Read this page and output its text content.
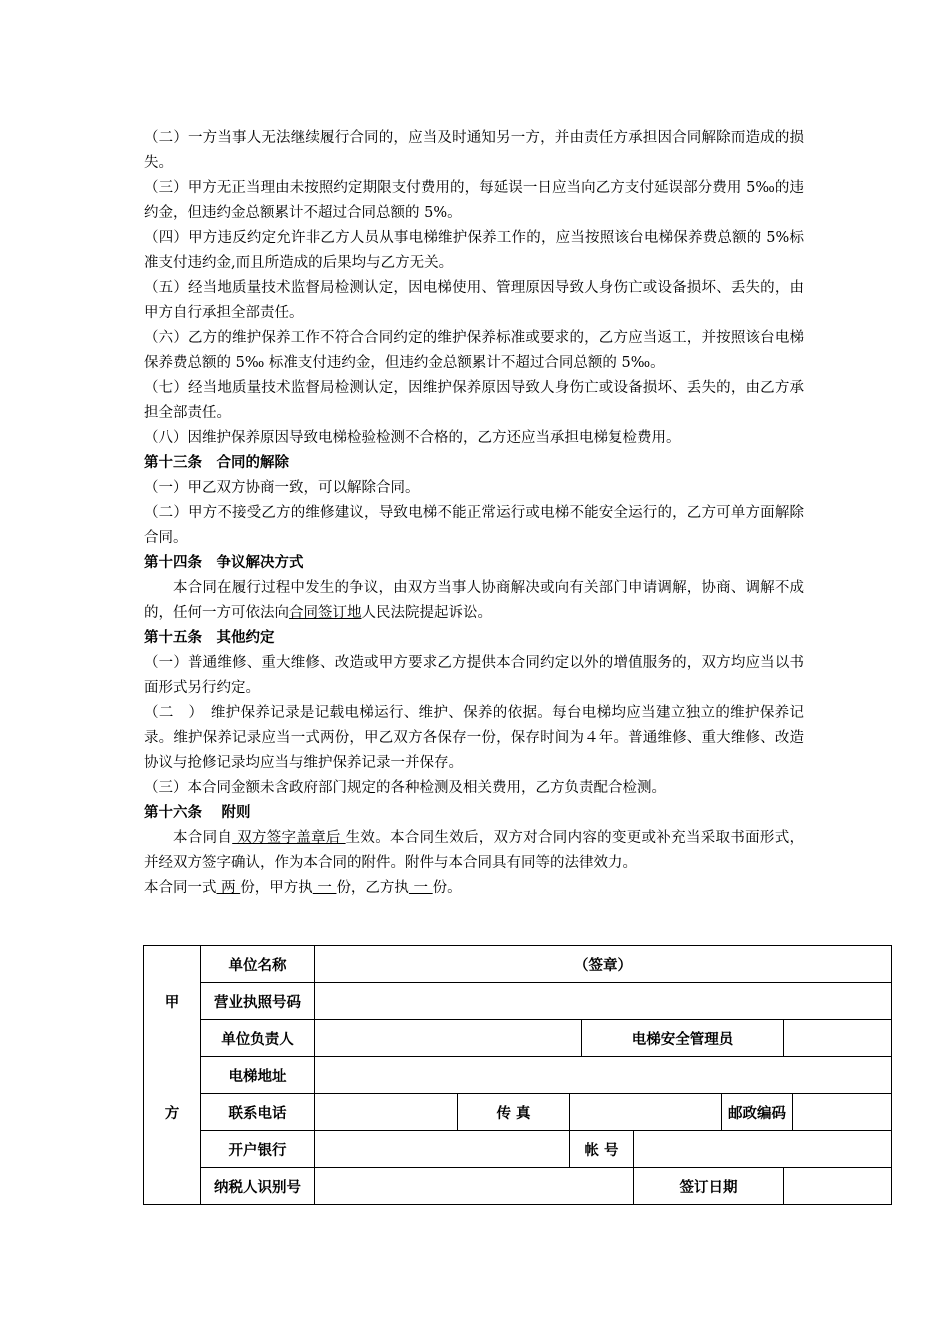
（二）一方当事人无法继续履行合同的，应当及时通知另一方，并由责任方承担因合同解除而造成的损失。

（三）甲方无正当理由未按照约定期限支付费用的，每延误一日应当向乙方支付延误部分费用 5‰的违约金，但违约金总额累计不超过合同总额的 5%。

（四）甲方违反约定允许非乙方人员从事电梯维护保养工作的，应当按照该台电梯保养费总额的 5%标准支付违约金,而且所造成的后果均与乙方无关。

（五）经当地质量技术监督局检测认定，因电梯使用、管理原因导致人身伤亡或设备损坏、丢失的，由甲方自行承担全部责任。

（六）乙方的维护保养工作不符合合同约定的维护保养标准或要求的，乙方应当返工，并按照该台电梯保养费总额的 5‰ 标准支付违约金，但违约金总额累计不超过合同总额的 5‰。

（七）经当地质量技术监督局检测认定，因维护保养原因导致人身伤亡或设备损坏、丢失的，由乙方承担全部责任。

（八）因维护保养原因导致电梯检验检测不合格的，乙方还应当承担电梯复检费用。

第十三条　合同的解除

（一）甲乙双方协商一致，可以解除合同。

（二）甲方不接受乙方的维修建议，导致电梯不能正常运行或电梯不能安全运行的，乙方可单方面解除合同。

第十四条　争议解决方式

本合同在履行过程中发生的争议，由双方当事人协商解决或向有关部门申请调解，协商、调解不成的，任何一方可依法向合同签订地人民法院提起诉讼。

第十五条　其他约定

（一）普通维修、重大维修、改造或甲方要求乙方提供本合同约定以外的增值服务的，双方均应当以书面形式另行约定。

（二　）　维护保养记录是记载电梯运行、维护、保养的依据。每台电梯均应当建立独立的维护保养记录。维护保养记录应当一式两份，甲乙双方各保存一份，保存时间为４年。普通维修、重大维修、改造协议与抢修记录均应当与维护保养记录一并保存。

（三）本合同金额未含政府部门规定的各种检测及相关费用，乙方负责配合检测。

第十六条　 附则

本合同自 双方签字盖章后 生效。本合同生效后，双方对合同内容的变更或补充当采取书面形式，并经双方签字确认，作为本合同的附件。附件与本合同具有同等的法律效力。

本合同一式 两 份，甲方执 一 份，乙方执 一 份。

	单位名称	（签章）							
甲	营业执照号码								
	单位负责人				电梯安全管理员				
	电梯地址								
方	联系电话		传 真				邮政编码		
	开户银行			帐 号					
	纳税人识别号					签订日期			
